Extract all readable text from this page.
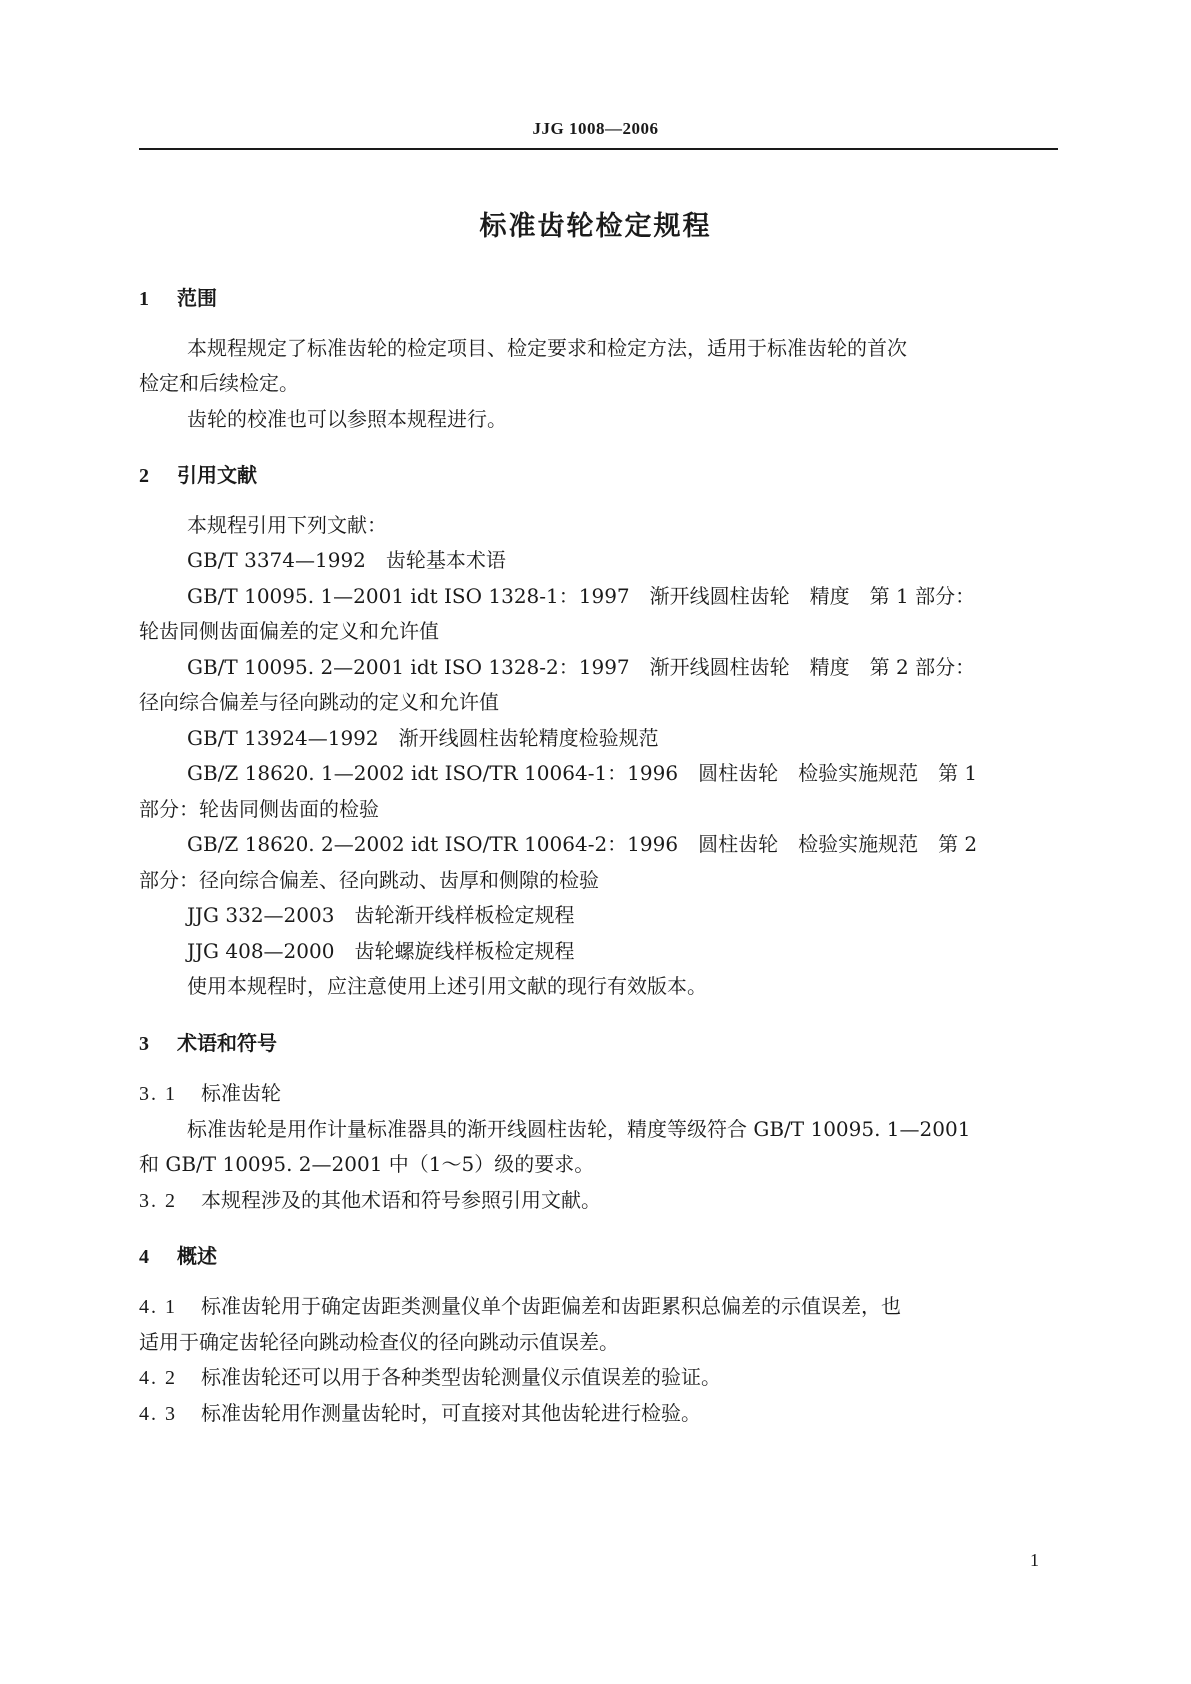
JJG 1008—2006
标准齿轮检定规程
1 范围
本规程规定了标准齿轮的检定项目、检定要求和检定方法，适用于标准齿轮的首次
检定和后续检定。
齿轮的校准也可以参照本规程进行。
2 引用文献
本规程引用下列文献：
GB/T 3374—1992　齿轮基本术语
GB/T 10095. 1—2001 idt ISO 1328-1：1997　渐开线圆柱齿轮　精度　第 1 部分：
轮齿同侧齿面偏差的定义和允许值
GB/T 10095. 2—2001 idt ISO 1328-2：1997　渐开线圆柱齿轮　精度　第 2 部分：
径向综合偏差与径向跳动的定义和允许值
GB/T 13924—1992　渐开线圆柱齿轮精度检验规范
GB/Z 18620. 1—2002 idt ISO/TR 10064-1：1996　圆柱齿轮　检验实施规范　第 1
部分：轮齿同侧齿面的检验
GB/Z 18620. 2—2002 idt ISO/TR 10064-2：1996　圆柱齿轮　检验实施规范　第 2
部分：径向综合偏差、径向跳动、齿厚和侧隙的检验
JJG 332—2003　齿轮渐开线样板检定规程
JJG 408—2000　齿轮螺旋线样板检定规程
使用本规程时，应注意使用上述引用文献的现行有效版本。
3 术语和符号
3. 1 标准齿轮
标准齿轮是用作计量标准器具的渐开线圆柱齿轮，精度等级符合 GB/T 10095. 1—2001
和 GB/T 10095. 2—2001 中（1～5）级的要求。
3. 2 本规程涉及的其他术语和符号参照引用文献。
4 概述
4. 1 标准齿轮用于确定齿距类测量仪单个齿距偏差和齿距累积总偏差的示值误差，也
适用于确定齿轮径向跳动检查仪的径向跳动示值误差。
4. 2 标准齿轮还可以用于各种类型齿轮测量仪示值误差的验证。
4. 3 标准齿轮用作测量齿轮时，可直接对其他齿轮进行检验。
1
